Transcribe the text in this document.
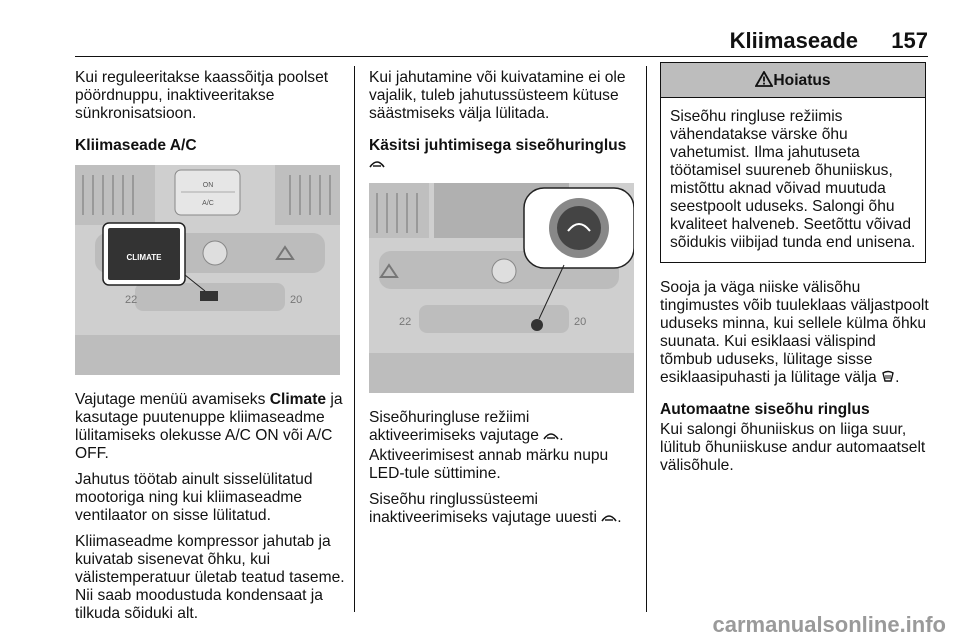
Kliimaseade 157

Kui reguleeritakse kaassõitja poolset pöördnuppu, inaktiveeritakse sünkronisatsioon.

Kliimaseade A/C
ON
A/C
22	20
CLIMATE

Vajutage menüü avamiseks Climate ja kasutage puutenuppe kliimaseadme lülitamiseks olekusse A/C ON või A/C OFF.

Jahutus töötab ainult sisselülitatud mootoriga ning kui kliimaseadme ventilaator on sisse lülitatud.

Kliimaseadme kompressor jahutab ja kuivatab sisenevat õhku, kui välistemperatuur ületab teatud taseme. Nii saab moodustuda kondensaat ja tilkuda sõiduki alt.

Kui jahutamine või kuivatamine ei ole vajalik, tuleb jahutussüsteem kütuse säästmiseks välja lülitada.

Käsitsi juhtimisega siseõhuringlus
22	20

Siseõhuringluse režiimi aktiveerimiseks vajutage .

Aktiveerimisest annab märku nupu LED-tule süttimine.

Siseõhu ringlussüsteemi inaktiveerimiseks vajutage uuesti .

Hoiatus
Siseõhu ringluse režiimis vähendatakse värske õhu vahetumist. Ilma jahutuseta töötamisel suureneb õhuniiskus, mistõttu aknad võivad muutuda seestpoolt uduseks. Salongi õhu kvaliteet halveneb. Seetõttu võivad sõidukis viibijad tunda end unisena.

Sooja ja väga niiske välisõhu tingimustes võib tuuleklaas väljastpoolt uduseks minna, kui sellele külma õhku suunata. Kui esiklaasi välispind tõmbub uduseks, lülitage sisse esiklaasipuhasti ja lülitage välja .

Automaatne siseõhu ringlus

Kui salongi õhuniiskus on liiga suur, lülitub õhuniiskuse andur automaatselt välisõhule.

carmanualsonline.info
